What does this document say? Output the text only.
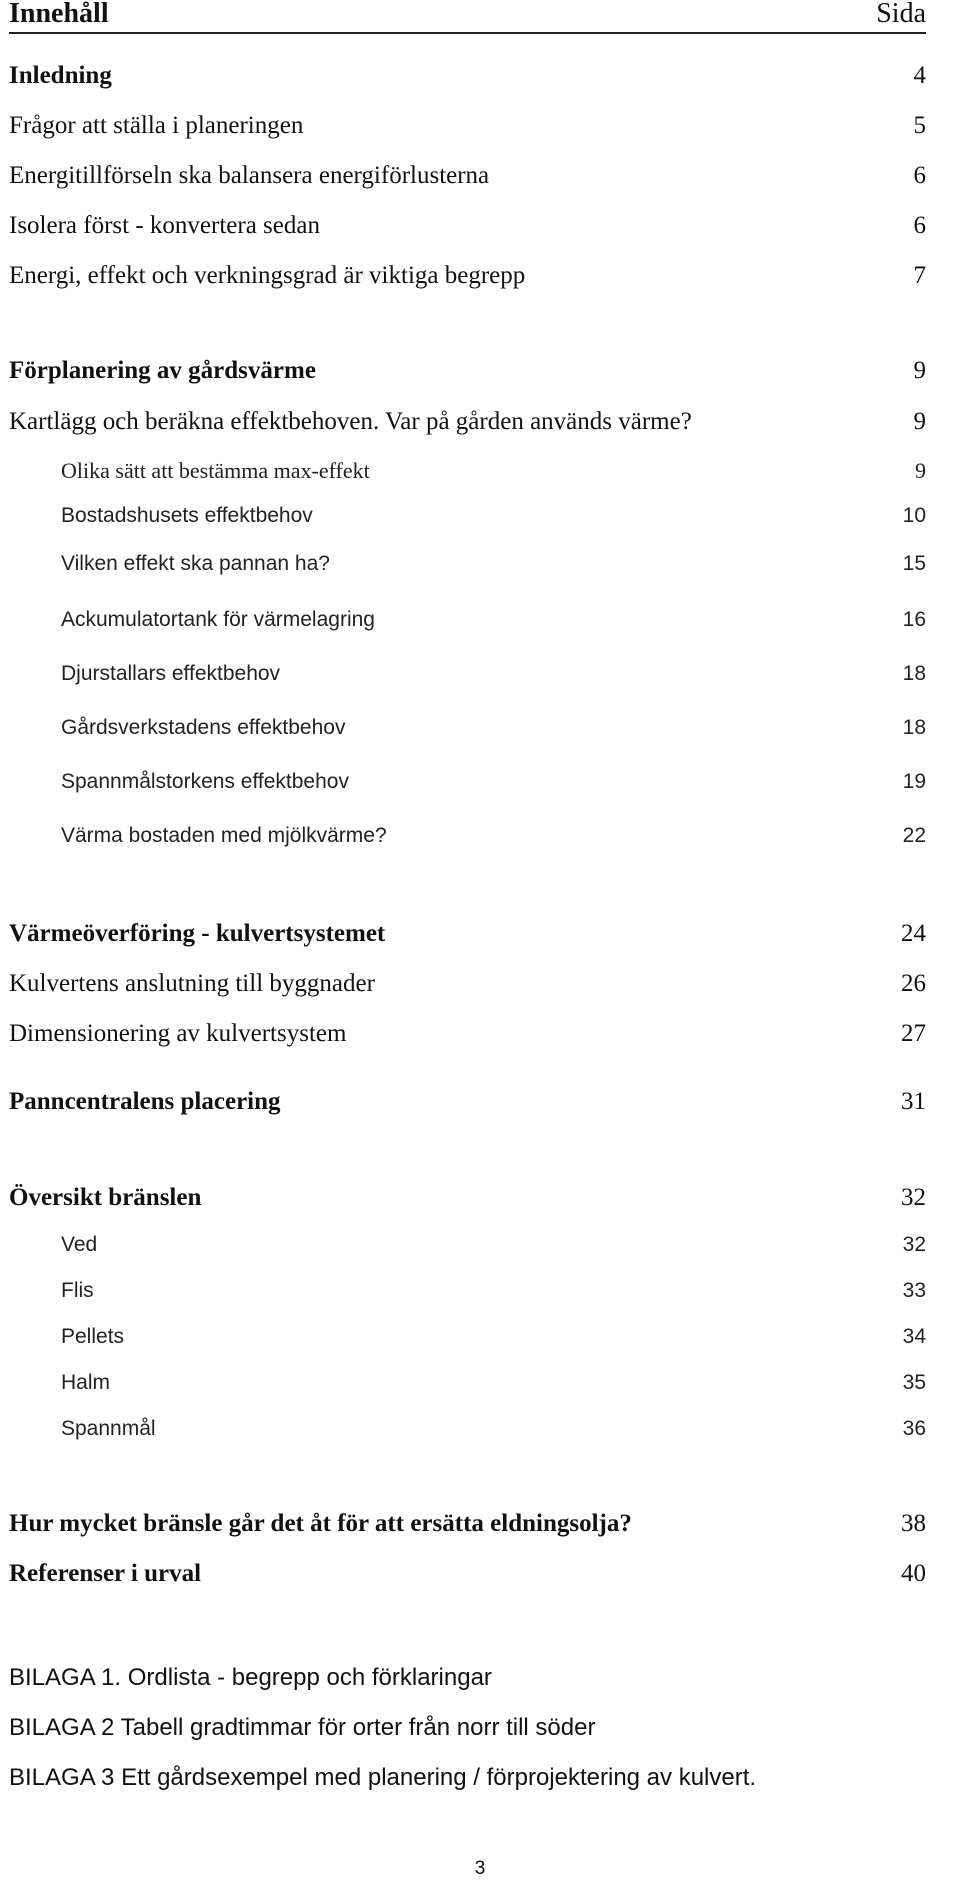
Innehåll	Sida
Inledning	4
Frågor att ställa i planeringen	5
Energitillförseln ska balansera energiförlusterna	6
Isolera först - konvertera sedan	6
Energi, effekt och verkningsgrad är viktiga begrepp	7
Förplanering av gårdsvärme	9
Kartlägg och beräkna effektbehoven. Var på gården används värme?	9
Olika sätt att bestämma max-effekt	9
Bostadshusets effektbehov	10
Vilken effekt ska pannan ha?	15
Ackumulatortank för värmelagring	16
Djurstallars effektbehov	18
Gårdsverkstadens effektbehov	18
Spannmålstorkens effektbehov	19
Värma bostaden med mjölkvärme?	22
Värmeöverföring - kulvertsystemet	24
Kulvertens anslutning till byggnader	26
Dimensionering av kulvertsystem	27
Panncentralens placering	31
Översikt bränslen	32
Ved	32
Flis	33
Pellets	34
Halm	35
Spannmål	36
Hur mycket bränsle går det åt för att ersätta eldningsolja?	38
Referenser i urval	40
BILAGA 1. Ordlista - begrepp och förklaringar
BILAGA 2 Tabell gradtimmar för orter från norr till söder
BILAGA 3 Ett gårdsexempel med planering / förprojektering av kulvert.
3
